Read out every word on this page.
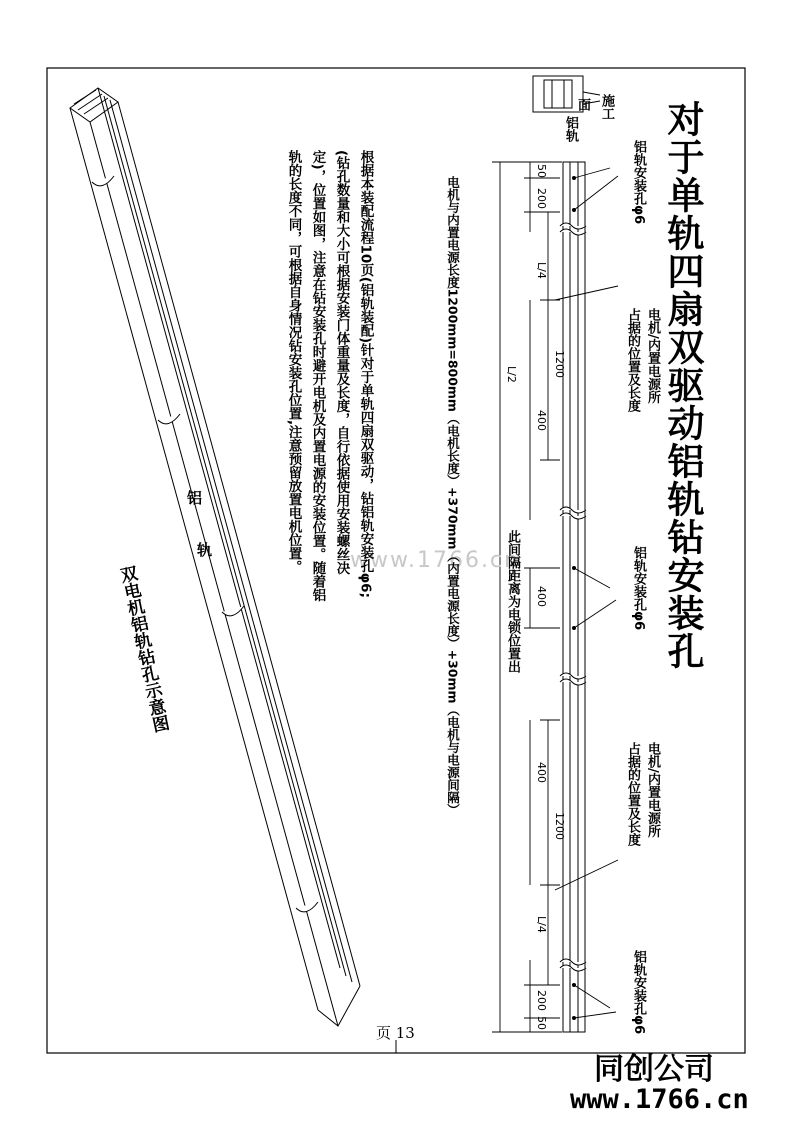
www.1766.cn	对于单轨四扇双驱动铝轨钻安装孔
施工
面
铝轨
铝轨安装孔φ6
电机/内置电源所
占据的位置及长度
铝轨安装孔φ6
电机/内置电源所
占据的位置及长度
铝轨安装孔φ6
此间隔距离为电锁位置出
50
200
L/4
1200
400
L/2
400
400
1200
L/4
200
50
电机与内置电源长度1200mm=800mm（电机长度）+370mm（内置电源长度）+30mm（电机与电源间隔）
根据本装配流程10页(铝轨装配)针对于单轨四扇双驱动，钻铝轨安装孔φ6;
(钻孔数量和大小可根据安装门体重量及长度，自行依据使用安装螺丝决
定)，位置如图，注意在钻安装孔时避开电机及内置电源的安装位置。随着铝
轨的长度不同，可根据自身情况钻安装孔位置,注意预留放置电机位置。
铝
轨
双电机铝轨钻孔示意图
页 13
同创公司
www.1766.cn
